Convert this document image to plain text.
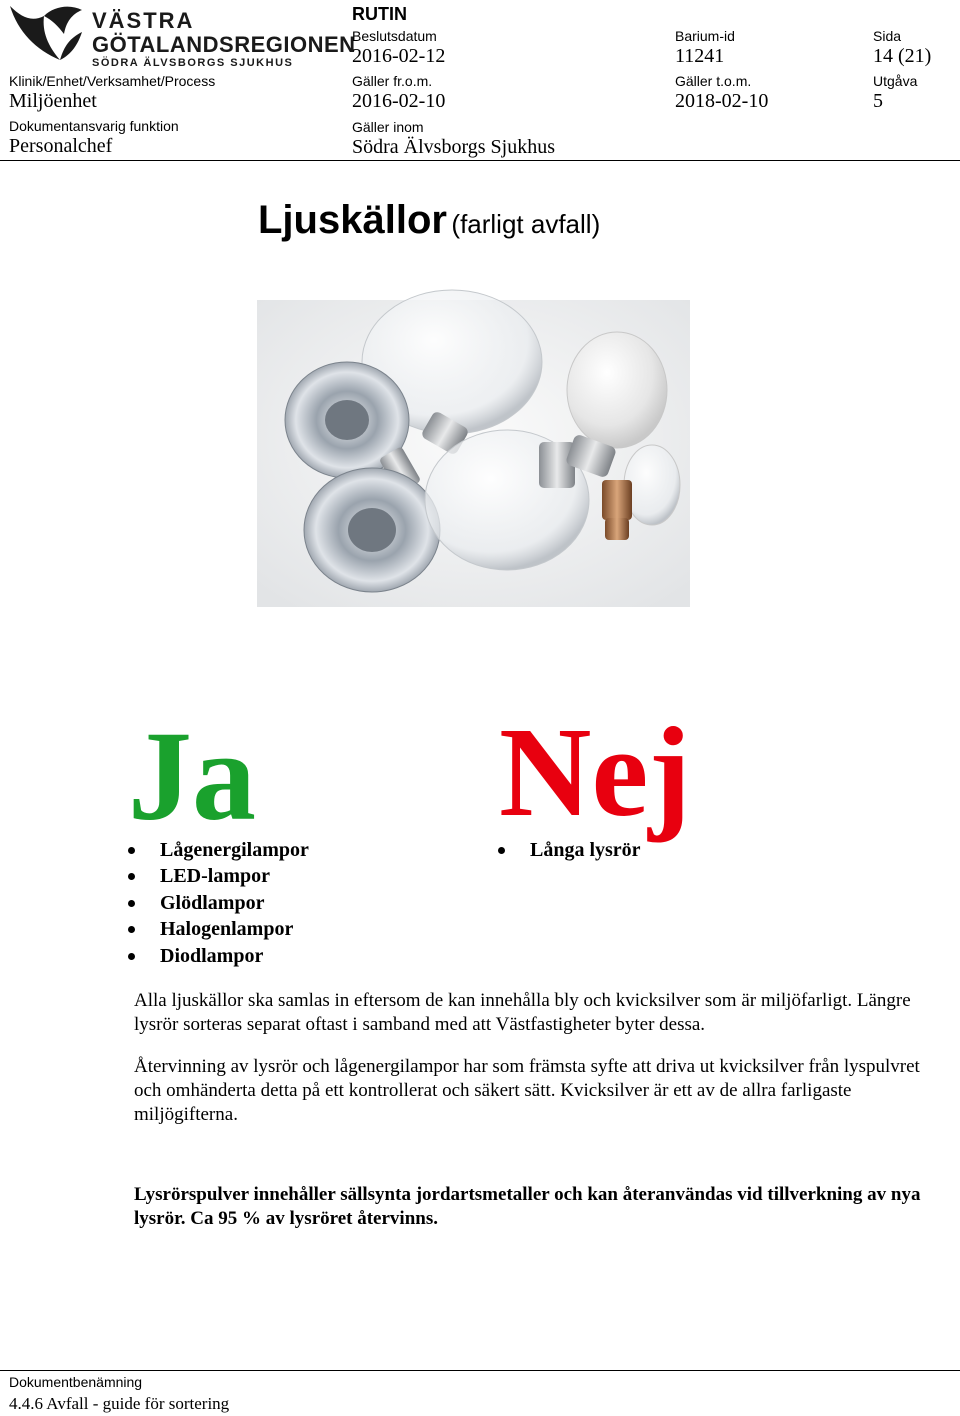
VÄSTRA
GÖTALANDSREGIONEN
SÖDRA ÄLVSBORGS SJUKHUS
RUTIN
Beslutsdatum
2016-02-12
Barium-id
11241
Sida
14 (21)
Klinik/Enhet/Verksamhet/Process
Miljöenhet
Gäller fr.o.m.
2016-02-10
Gäller t.o.m.
2018-02-10
Utgåva
5
Dokumentansvarig funktion
Personalchef
Gäller inom
Södra Älvsborgs Sjukhus
Ljuskällor (farligt avfall)
Ja Nej
Lågenergilampor
LED-lampor
Glödlampor
Halogenlampor
Diodlampor
Långa lysrör

Alla ljuskällor ska samlas in eftersom de kan innehålla bly och kvicksilver som är miljöfarligt. Längre lysrör sorteras separat oftast i samband med att Västfastigheter byter dessa.

Återvinning av lysrör och lågenergilampor har som främsta syfte att driva ut kvicksilver från lyspulvret och omhänderta detta på ett kontrollerat och säkert sätt. Kvicksilver är ett av de allra farligaste miljögifterna.

Lysrörspulver innehåller sällsynta jordartsmetaller och kan återanvändas vid tillverkning av nya lysrör. Ca 95 % av lysröret återvinns.

Dokumentbenämning
4.4.6 Avfall - guide för sortering
